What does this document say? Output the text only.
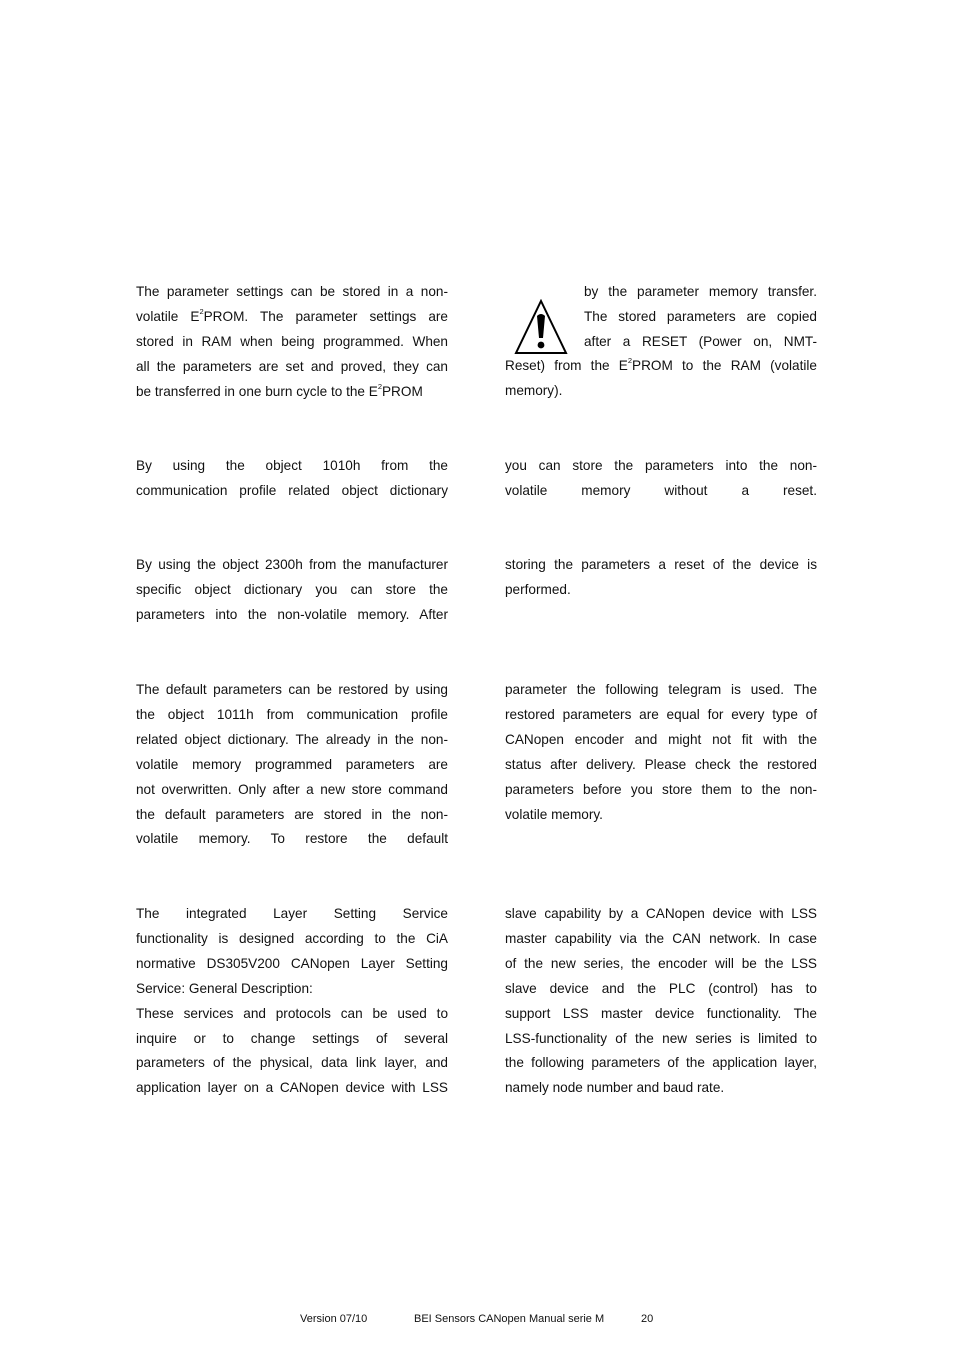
The parameter settings can be stored in a non-
volatile $E^2PROM$. The parameter settings are
stored in RAM when being programmed. When
all the parameters are set and proved, they can
be transferred in one burn cycle to the $E^2PROM$
by the parameter memory transfer.
The stored parameters are copied
after a RESET (Power on, NMT-
Reset) from the $E^2PROM$ to the RAM (volatile
memory).
By using the object 1010h from the
communication profile related object dictionary
you can store the parameters into the non-
volatile memory without a reset.
By using the object 2300h from the manufacturer
specific object dictionary you can store the
parameters into the non-volatile memory. After
storing the parameters a reset of the device is
performed.
The default parameters can be restored by using
the object 1011h from communication profile
related object dictionary. The already in the non-
volatile memory programmed parameters are
not overwritten. Only after a new store command
the default parameters are stored in the non-
volatile memory. To restore the default
parameter the following telegram is used. The
restored parameters are equal for every type of
CANopen encoder and might not fit with the
status after delivery. Please check the restored
parameters before you store them to the non-
volatile memory.
The integrated Layer Setting Service
functionality is designed according to the CiA
normative DS305V200 CANopen Layer Setting
Service: General Description:
These services and protocols can be used to
inquire or to change settings of several
parameters of the physical, data link layer, and
application layer on a CANopen device with LSS
slave capability by a CANopen device with LSS
master capability via the CAN network. In case
of the new series, the encoder will be the LSS
slave device and the PLC (control) has to
support LSS master device functionality. The
LSS-functionality of the new series is limited to
the following parameters of the application layer,
namely node number and baud rate.
Version 07/10	BEI Sensors CANopen Manual serie M	20
